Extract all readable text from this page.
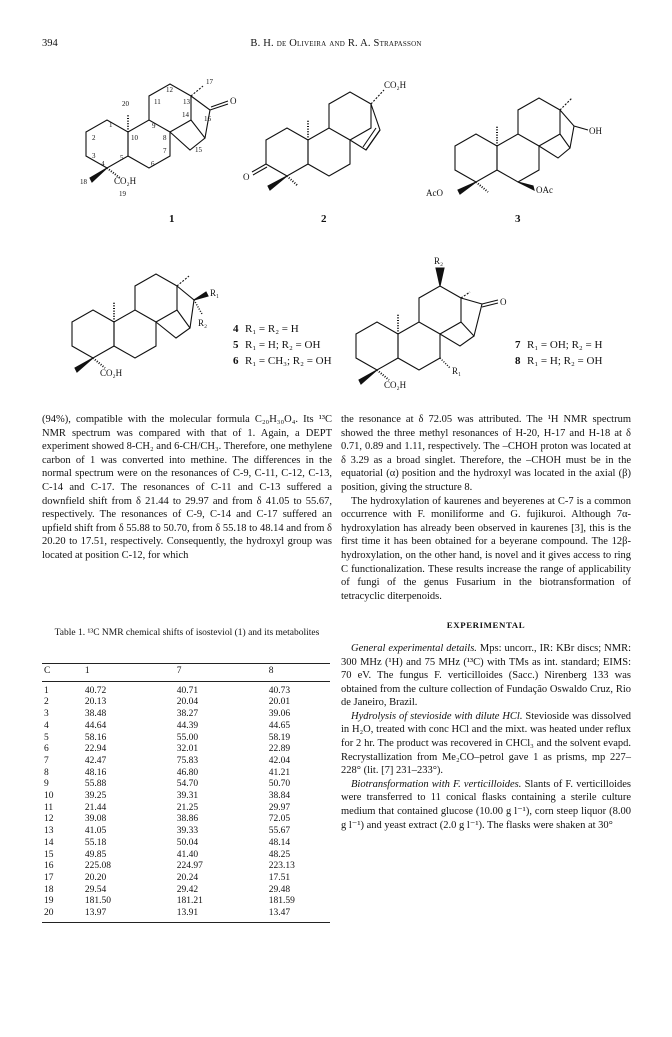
394	B. H. de Oliveira and R. A. Strapasson
17
12
13
11
20
14 16
9
1
2	10	8
15
3	5
7
4	6
18
19
O
CO₂H
1
CO₂H
O
2
OH
OAc
AcO
3
R₁
R₂
CO₂H
4 R₁ = R₂ = H
5 R₁ = H; R₂ = OH
6 R₁ = CH₃; R₂ = OH
R₂
O
R₁
CO₂H
7 R₁ = OH; R₂ = H
8 R₁ = H; R₂ = OH

(94%), compatible with the molecular formula C₂₀H₃₀O₄. Its ¹³C NMR spectrum was compared with that of 1. Again, a DEPT experiment showed 8-CH₂ and 6-CH/CH₃. Therefore, one methylene carbon of 1 was converted into methine. The differences in the normal spectrum were on the resonances of C-9, C-11, C-12, C-13, C-14 and C-17. The resonances of C-11 and C-13 suffered a downfield shift from δ 21.44 to 29.97 and from δ 41.05 to 55.67, respectively. The resonances of C-9, C-14 and C-17 suffered an upfield shift from δ 55.88 to 50.70, from δ 55.18 to 48.14 and from δ 20.20 to 17.51, respectively. Consequently, the hydroxyl group was located at position C-12, for which

Table 1. ¹³C NMR chemical shifts of isosteviol (1) and its metabolites
C	1	7	8
1	40.72	40.71	40.73
2	20.13	20.04	20.01
3	38.48	38.27	39.06
4	44.64	44.39	44.65
5	58.16	55.00	58.19
6	22.94	32.01	22.89
7	42.47	75.83	42.04
8	48.16	46.80	41.21
9	55.88	54.70	50.70
10	39.25	39.31	38.84
11	21.44	21.25	29.97
12	39.08	38.86	72.05
13	41.05	39.33	55.67
14	55.18	50.04	48.14
15	49.85	41.40	48.25
16	225.08	224.97	223.13
17	20.20	20.24	17.51
18	29.54	29.42	29.48
19	181.50	181.21	181.59
20	13.97	13.91	13.47

the resonance at δ 72.05 was attributed. The ¹H NMR spectrum showed the three methyl resonances of H-20, H-17 and H-18 at δ 0.71, 0.89 and 1.11, respectively. The –CHOH proton was located at δ 3.29 as a broad singlet. Therefore, the –CHOH must be in the equatorial (α) position and the hydroxyl was located in the axial (β) position, giving the structure 8.

The hydroxylation of kaurenes and beyerenes at C-7 is a common occurrence with F. moniliforme and G. fujikuroi. Although 7α-hydroxylation has already been observed in kaurenes [3], this is the first time it has been obtained for a beyerane compound. The 12β-hydroxylation, on the other hand, is novel and it gives access to ring C functionalization. These results increase the range of applicability of fungi of the genus Fusarium in the biotransformation of tetracyclic diterpenoids.

EXPERIMENTAL

General experimental details. Mps: uncorr., IR: KBr discs; NMR: 300 MHz (¹H) and 75 MHz (¹³C) with TMs as int. standard; EIMS: 70 eV. The fungus F. verticilloides (Sacc.) Nirenberg 133 was obtained from the culture collection of Fundação Oswaldo Cruz, Rio de Janeiro, Brazil.

Hydrolysis of stevioside with dilute HCl. Stevioside was dissolved in H₂O, treated with conc HCl and the mixt. was heated under reflux for 2 hr. The product was recovered in CHCl₃ and the solvent evapd. Recrystallization from Me₂CO–petrol gave 1 as prisms, mp 227–228° (lit. [7] 231–233°).

Biotransformation with F. verticilloides. Slants of F. verticilloides were transferred to 11 conical flasks containing a sterile culture medium that contained glucose (10.00 g l⁻¹), corn steep liquor (8.00 g l⁻¹) and yeast extract (2.0 g l⁻¹). The flasks were shaken at 30°
